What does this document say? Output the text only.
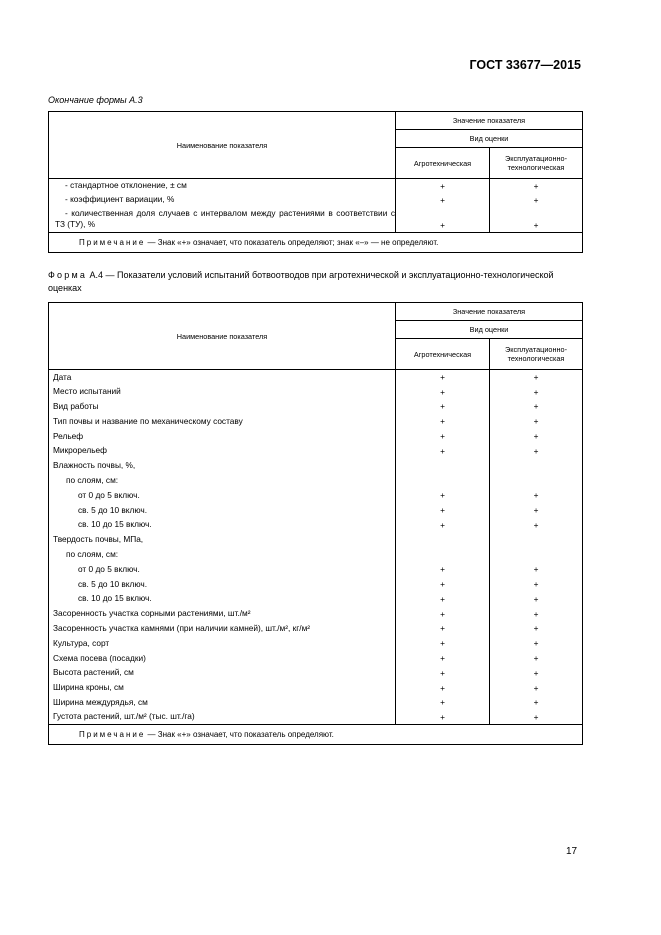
ГОСТ 33677—2015
Окончание формы А.3
Наименование показателя	Значение показателя	
	Вид оценки	
	Агротехническая	Эксплуатационно-технологическая
- стандартное отклонение, ± см	+	+
- коэффициент вариации, %	+	+
- количественная доля случаев с интервалом между растениями в соответствии с ТЗ (ТУ), %	+	+
Примечание — Знак «+» означает, что показатель определяют; знак «–» — не определяют.		
Форма А.4 — Показатели условий испытаний ботвоотводов при агротехнической и эксплуатационно-технологической оценках
Наименование показателя	Значение показателя	
	Вид оценки	
	Агротехническая	Эксплуатационно-технологическая
Дата	+	+
Место испытаний	+	+
Вид работы	+	+
Тип почвы и название по механическому составу	+	+
Рельеф	+	+
Микрорельеф	+	+
Влажность почвы, %,		
по слоям, см:		
от 0 до 5 включ.	+	+
св. 5 до 10 включ.	+	+
св. 10 до 15 включ.	+	+
Твердость почвы, МПа,		
по слоям, см:		
от 0 до 5 включ.	+	+
св. 5 до 10 включ.	+	+
св. 10 до 15 включ.	+	+
Засоренность участка сорными растениями, шт./м²	+	+
Засоренность участка камнями (при наличии камней), шт./м², кг/м²	+	+
Культура, сорт	+	+
Схема посева (посадки)	+	+
Высота растений, см	+	+
Ширина кроны, см	+	+
Ширина междурядья, см	+	+
Густота растений, шт./м² (тыс. шт./га)	+	+
Примечание — Знак «+» означает, что показатель определяют.		
17
